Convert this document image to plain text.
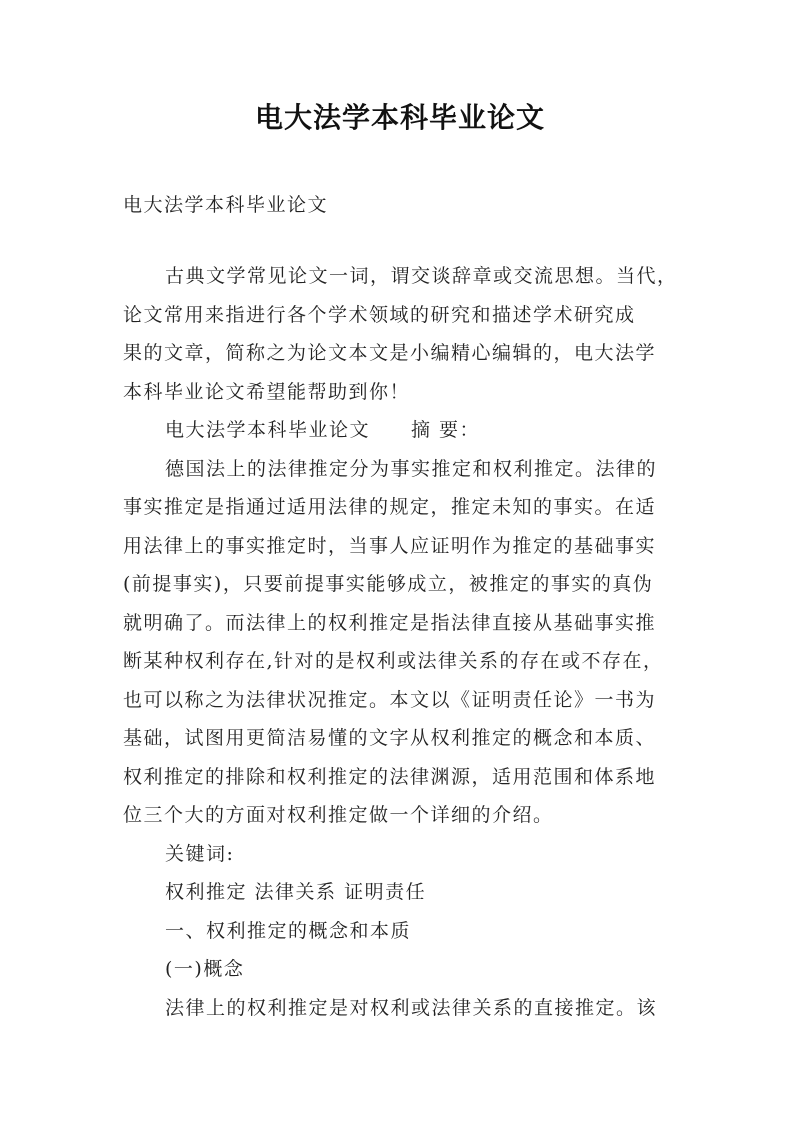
电大法学本科毕业论文
电大法学本科毕业论文
古典文学常见论文一词，谓交谈辞章或交流思想。当代，
论文常用来指进行各个学术领域的研究和描述学术研究成
果的文章，简称之为论文本文是小编精心编辑的，电大法学
本科毕业论文希望能帮助到你！
电大法学本科毕业论文　　摘 要：
德国法上的法律推定分为事实推定和权利推定。法律的
事实推定是指通过适用法律的规定，推定未知的事实。在适
用法律上的事实推定时，当事人应证明作为推定的基础事实
(前提事实)，只要前提事实能够成立，被推定的事实的真伪
就明确了。而法律上的权利推定是指法律直接从基础事实推
断某种权利存在,针对的是权利或法律关系的存在或不存在，
也可以称之为法律状况推定。本文以《证明责任论》一书为
基础，试图用更简洁易懂的文字从权利推定的概念和本质、
权利推定的排除和权利推定的法律渊源，适用范围和体系地
位三个大的方面对权利推定做一个详细的介绍。
关键词:
权利推定 法律关系 证明责任
一、权利推定的概念和本质
(一)概念
法律上的权利推定是对权利或法律关系的直接推定。该
